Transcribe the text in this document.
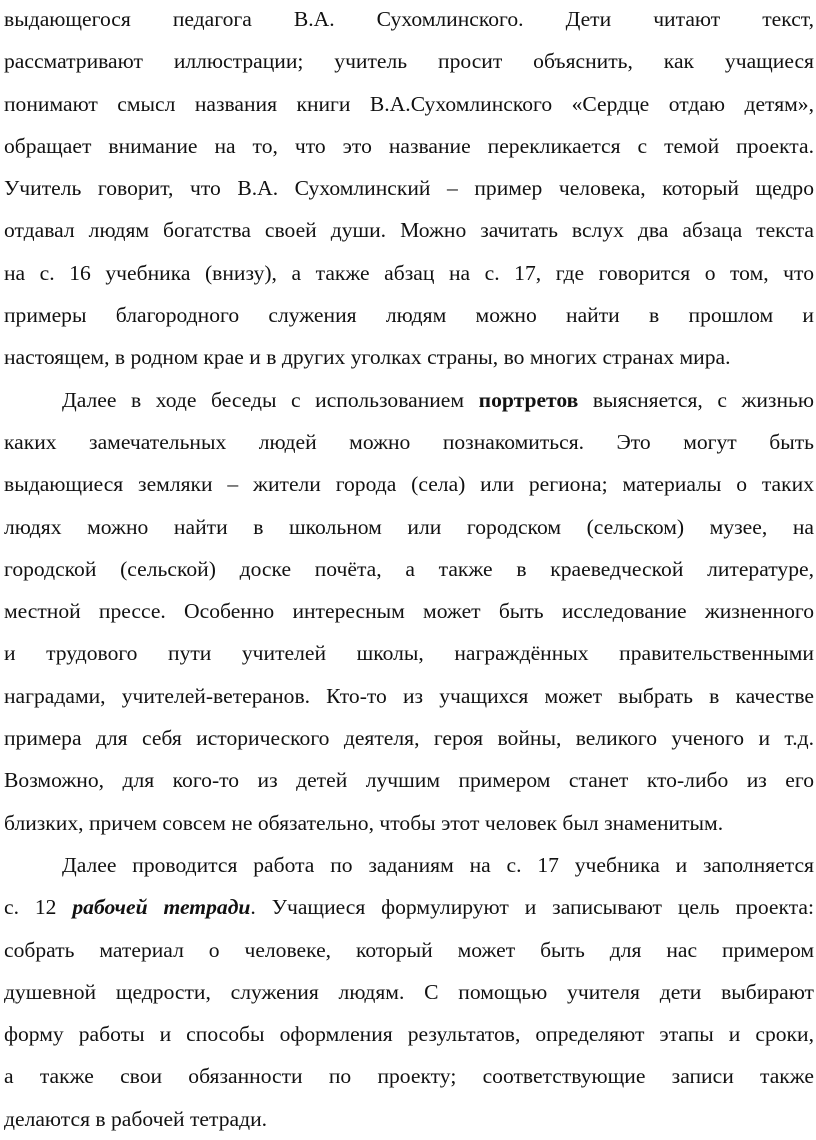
выдающегося педагога В.А. Сухомлинского. Дети читают текст,
рассматривают иллюстрации; учитель просит объяснить, как учащиеся
понимают смысл названия книги В.А.Сухомлинского «Сердце отдаю детям»,
обращает внимание на то, что это название перекликается с темой проекта.
Учитель говорит, что В.А. Сухомлинский – пример человека, который щедро
отдавал людям богатства своей души. Можно зачитать вслух два абзаца текста
на с. 16 учебника (внизу), а также абзац на с. 17, где говорится о том, что
примеры благородного служения людям можно найти в прошлом и
настоящем, в родном крае и в других уголках страны, во многих странах мира.

Далее в ходе беседы с использованием портретов выясняется, с жизнью
каких замечательных людей можно познакомиться. Это могут быть
выдающиеся земляки – жители города (села) или региона; материалы о таких
людях можно найти в школьном или городском (сельском) музее, на
городской (сельской) доске почёта, а также в краеведческой литературе,
местной прессе. Особенно интересным может быть исследование жизненного
и трудового пути учителей школы, награждённых правительственными
наградами, учителей-ветеранов. Кто-то из учащихся может выбрать в качестве
примера для себя исторического деятеля, героя войны, великого ученого и т.д.
Возможно, для кого-то из детей лучшим примером станет кто-либо из его
близких, причем совсем не обязательно, чтобы этот человек был знаменитым.

Далее проводится работа по заданиям на с. 17 учебника и заполняется
с. 12 рабочей тетради. Учащиеся формулируют и записывают цель проекта:
собрать материал о человеке, который может быть для нас примером
душевной щедрости, служения людям. С помощью учителя дети выбирают
форму работы и способы оформления результатов, определяют этапы и сроки,
а также свои обязанности по проекту; соответствующие записи также
делаются в рабочей тетради.
